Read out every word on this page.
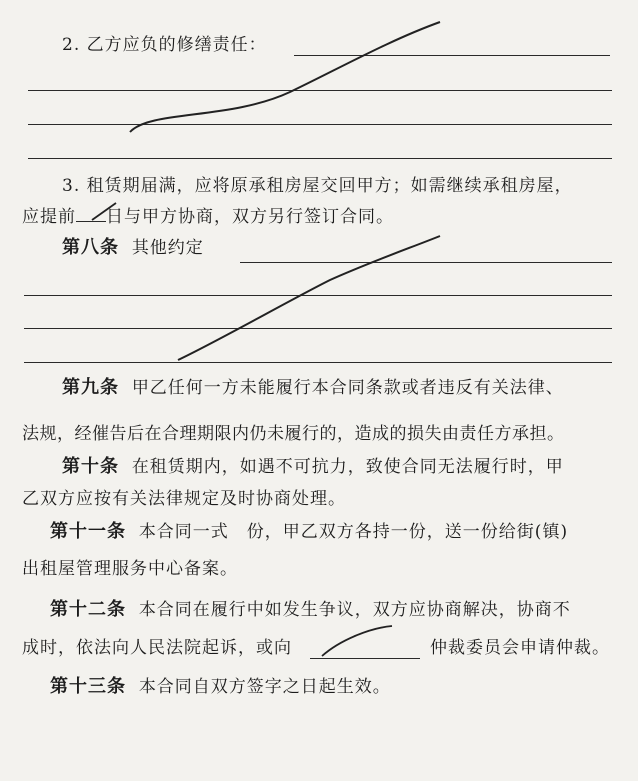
2. 乙方应负的修缮责任：
3. 租赁期届满，应将原承租房屋交回甲方；如需继续承租房屋，
应提前 日与甲方协商，双方另行签订合同。
第八条 其他约定
第九条 甲乙任何一方未能履行本合同条款或者违反有关法律、
法规，经催告后在合理期限内仍未履行的，造成的损失由责任方承担。
第十条 在租赁期内，如遇不可抗力，致使合同无法履行时，甲
乙双方应按有关法律规定及时协商处理。
第十一条 本合同一式　份，甲乙双方各持一份，送一份给街(镇)
出租屋管理服务中心备案。
第十二条 本合同在履行中如发生争议，双方应协商解决，协商不
成时，依法向人民法院起诉，或向	仲裁委员会申请仲裁。
第十三条 本合同自双方签字之日起生效。
